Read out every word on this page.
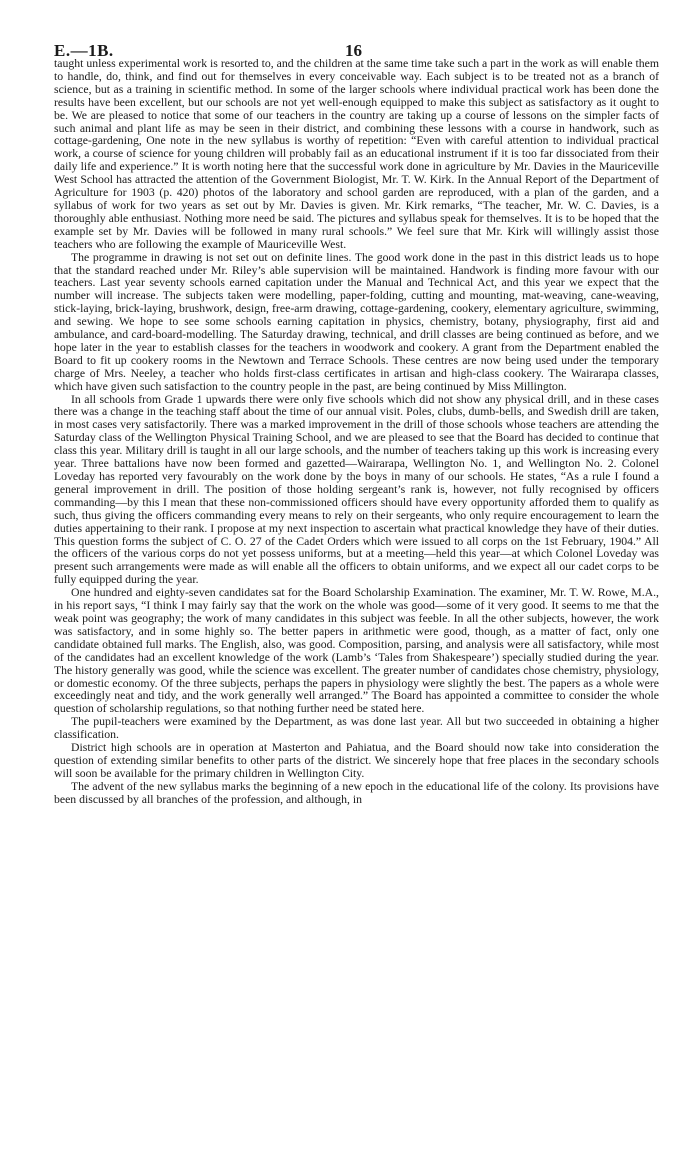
E.—1B.	16

taught unless experimental work is resorted to, and the children at the same time take such a part in the work as will enable them to handle, do, think, and find out for themselves in every conceivable way. Each subject is to be treated not as a branch of science, but as a training in scientific method. In some of the larger schools where individual practical work has been done the results have been excellent, but our schools are not yet well-enough equipped to make this subject as satisfactory as it ought to be. We are pleased to notice that some of our teachers in the country are taking up a course of lessons on the simpler facts of such animal and plant life as may be seen in their district, and combining these lessons with a course in handwork, such as cottage-gardening, One note in the new syllabus is worthy of repetition: “Even with careful attention to individual practical work, a course of science for young children will probably fail as an educational instrument if it is too far dissociated from their daily life and experience.” It is worth noting here that the successful work done in agriculture by Mr. Davies in the Mauriceville West School has attracted the attention of the Government Biologist, Mr. T. W. Kirk. In the Annual Report of the Department of Agriculture for 1903 (p. 420) photos of the laboratory and school garden are reproduced, with a plan of the garden, and a syllabus of work for two years as set out by Mr. Davies is given. Mr. Kirk remarks, “The teacher, Mr. W. C. Davies, is a thoroughly able enthusiast. Nothing more need be said. The pictures and syllabus speak for themselves. It is to be hoped that the example set by Mr. Davies will be followed in many rural schools.” We feel sure that Mr. Kirk will willingly assist those teachers who are following the example of Mauriceville West.

The programme in drawing is not set out on definite lines. The good work done in the past in this district leads us to hope that the standard reached under Mr. Riley’s able supervision will be maintained. Handwork is finding more favour with our teachers. Last year seventy schools earned capitation under the Manual and Technical Act, and this year we expect that the number will increase. The subjects taken were modelling, paper-folding, cutting and mounting, mat-weaving, cane-weaving, stick-laying, brick-laying, brushwork, design, free-arm drawing, cottage-gardening, cookery, elementary agriculture, swimming, and sewing. We hope to see some schools earning capitation in physics, chemistry, botany, physiography, first aid and ambulance, and card-board-modelling. The Saturday drawing, technical, and drill classes are being continued as before, and we hope later in the year to establish classes for the teachers in woodwork and cookery. A grant from the Department enabled the Board to fit up cookery rooms in the Newtown and Terrace Schools. These centres are now being used under the temporary charge of Mrs. Neeley, a teacher who holds first-class certificates in artisan and high-class cookery. The Wairarapa classes, which have given such satisfaction to the country people in the past, are being continued by Miss Millington.

In all schools from Grade 1 upwards there were only five schools which did not show any physical drill, and in these cases there was a change in the teaching staff about the time of our annual visit. Poles, clubs, dumb-bells, and Swedish drill are taken, in most cases very satisfactorily. There was a marked improvement in the drill of those schools whose teachers are attending the Saturday class of the Wellington Physical Training School, and we are pleased to see that the Board has decided to continue that class this year. Military drill is taught in all our large schools, and the number of teachers taking up this work is increasing every year. Three battalions have now been formed and gazetted—Wairarapa, Wellington No. 1, and Wellington No. 2. Colonel Loveday has reported very favourably on the work done by the boys in many of our schools. He states, “As a rule I found a general improvement in drill. The position of those holding sergeant’s rank is, however, not fully recognised by officers commanding—by this I mean that these non-commissioned officers should have every opportunity afforded them to qualify as such, thus giving the officers commanding every means to rely on their sergeants, who only require encouragement to learn the duties appertaining to their rank. I propose at my next inspection to ascertain what practical knowledge they have of their duties. This question forms the subject of C. O. 27 of the Cadet Orders which were issued to all corps on the 1st February, 1904.” All the officers of the various corps do not yet possess uniforms, but at a meeting—held this year—at which Colonel Loveday was present such arrangements were made as will enable all the officers to obtain uniforms, and we expect all our cadet corps to be fully equipped during the year.

One hundred and eighty-seven candidates sat for the Board Scholarship Examination. The examiner, Mr. T. W. Rowe, M.A., in his report says, “I think I may fairly say that the work on the whole was good—some of it very good. It seems to me that the weak point was geography; the work of many candidates in this subject was feeble. In all the other subjects, however, the work was satisfactory, and in some highly so. The better papers in arithmetic were good, though, as a matter of fact, only one candidate obtained full marks. The English, also, was good. Composition, parsing, and analysis were all satisfactory, while most of the candidates had an excellent knowledge of the work (Lamb’s ‘Tales from Shakespeare’) specially studied during the year. The history generally was good, while the science was excellent. The greater number of candidates chose chemistry, physiology, or domestic economy. Of the three subjects, perhaps the papers in physiology were slightly the best. The papers as a whole were exceedingly neat and tidy, and the work generally well arranged.” The Board has appointed a committee to consider the whole question of scholarship regulations, so that nothing further need be stated here.

The pupil-teachers were examined by the Department, as was done last year. All but two succeeded in obtaining a higher classification.

District high schools are in operation at Masterton and Pahiatua, and the Board should now take into consideration the question of extending similar benefits to other parts of the district. We sincerely hope that free places in the secondary schools will soon be available for the primary children in Wellington City.

The advent of the new syllabus marks the beginning of a new epoch in the educational life of the colony. Its provisions have been discussed by all branches of the profession, and although, in
